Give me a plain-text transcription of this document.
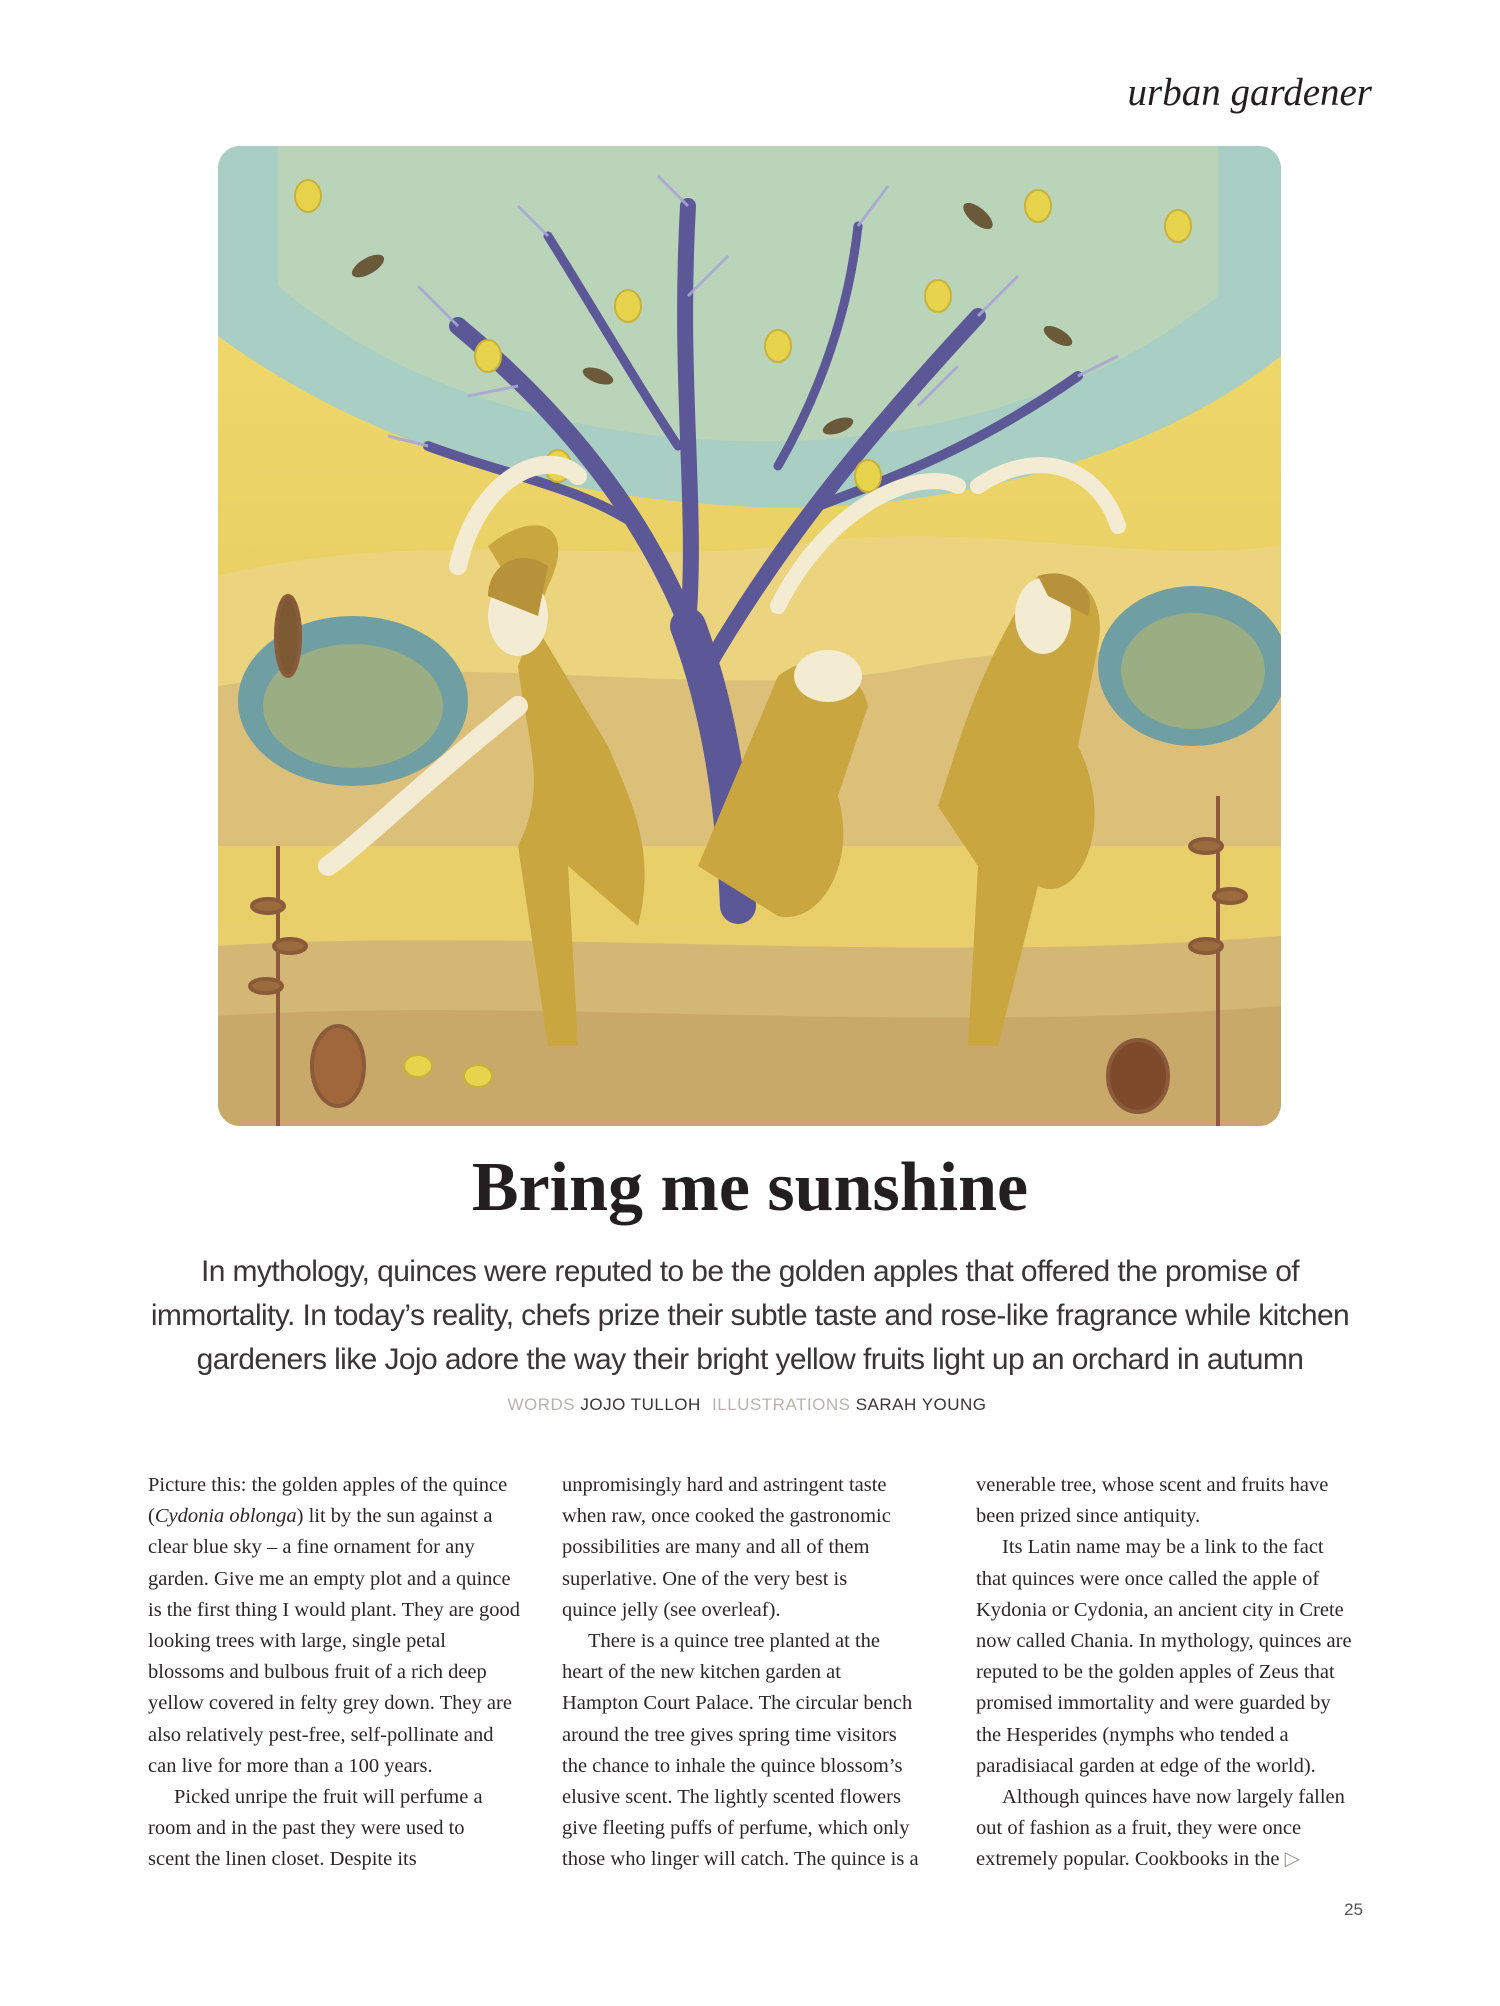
urban gardener
Bring me sunshine

In mythology, quinces were reputed to be the golden apples that offered the promise of
immortality. In today’s reality, chefs prize their subtle taste and rose-like fragrance while kitchen
gardeners like Jojo adore the way their bright yellow fruits light up an orchard in autumn

WORDS JOJO TULLOH ILLUSTRATIONS SARAH YOUNG
Picture this: the golden apples of the quince
(Cydonia oblonga) lit by the sun against a
clear blue sky – a fine ornament for any
garden. Give me an empty plot and a quince
is the first thing I would plant. They are good
looking trees with large, single petal
blossoms and bulbous fruit of a rich deep
yellow covered in felty grey down. They are
also relatively pest-free, self-pollinate and
can live for more than a 100 years.
Picked unripe the fruit will perfume a
room and in the past they were used to
scent the linen closet. Despite its
unpromisingly hard and astringent taste
when raw, once cooked the gastronomic
possibilities are many and all of them
superlative. One of the very best is
quince jelly (see overleaf).
There is a quince tree planted at the
heart of the new kitchen garden at
Hampton Court Palace. The circular bench
around the tree gives spring time visitors
the chance to inhale the quince blossom’s
elusive scent. The lightly scented flowers
give fleeting puffs of perfume, which only
those who linger will catch. The quince is a
venerable tree, whose scent and fruits have
been prized since antiquity.
Its Latin name may be a link to the fact
that quinces were once called the apple of
Kydonia or Cydonia, an ancient city in Crete
now called Chania. In mythology, quinces are
reputed to be the golden apples of Zeus that
promised immortality and were guarded by
the Hesperides (nymphs who tended a
paradisiacal garden at edge of the world).
Although quinces have now largely fallen
out of fashion as a fruit, they were once
extremely popular. Cookbooks in the ▷
25
